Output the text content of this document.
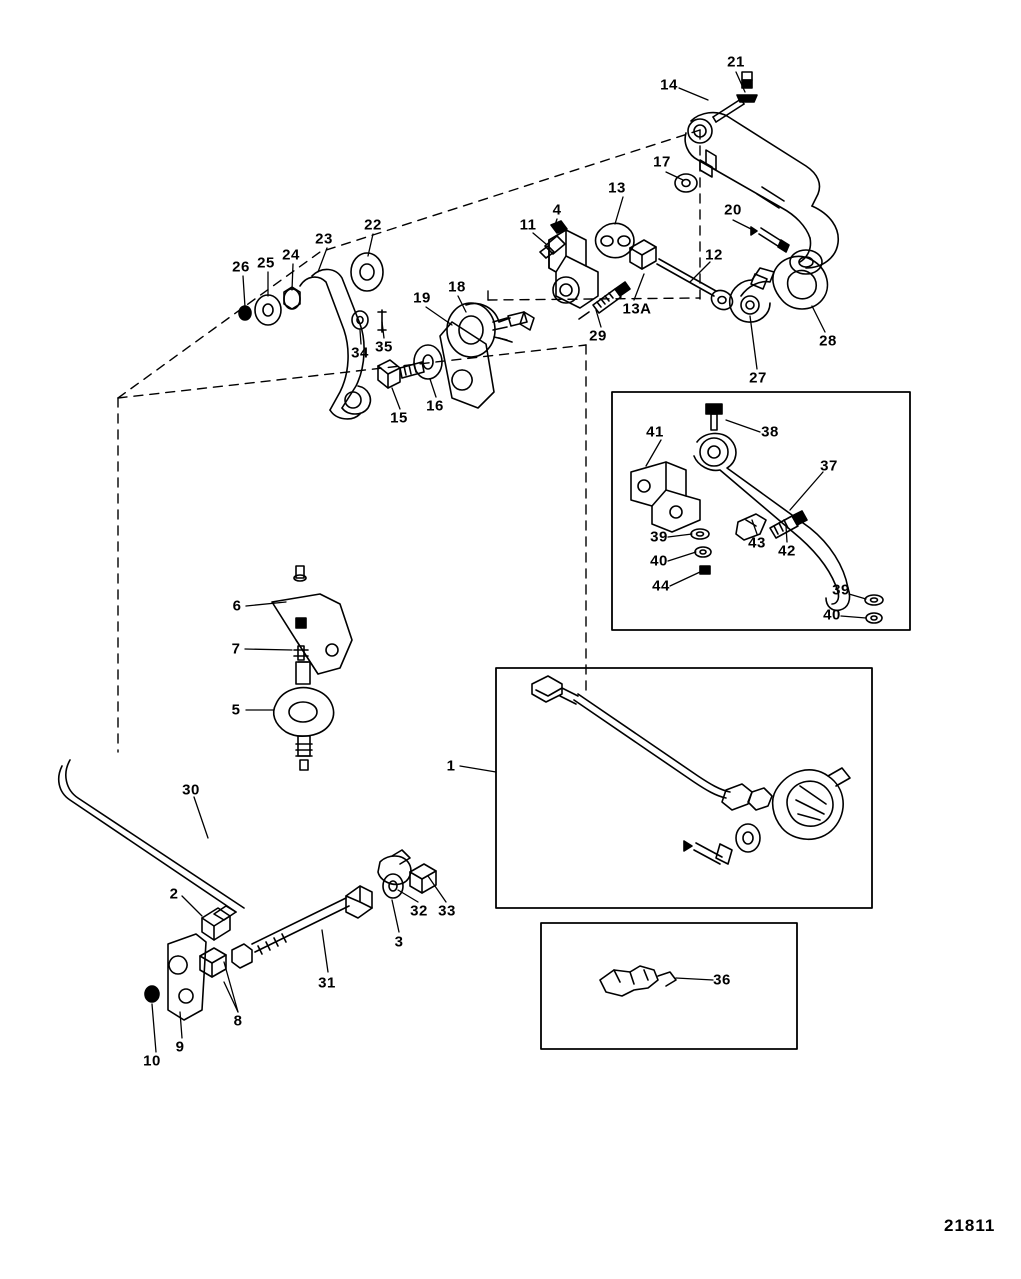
21
14
17
13
20
4
11
22
23
12
24
25
26
18
19
13A
28
29
34 35
27
15
16
38
41
37
39
40
43 42
44	39
40
6
7
5
1
30
2
33
32
3
31	36
8
9
10
21811
